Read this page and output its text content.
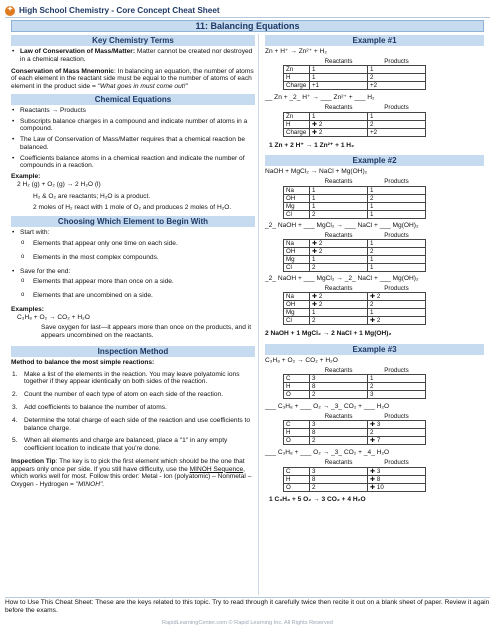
✦ High School Chemistry - Core Concept Cheat Sheet
11: Balancing Equations
Key Chemistry Terms
• Law of Conservation of Mass/Matter: Matter cannot be created nor destroyed in a chemical reaction.
Conservation of Mass Mnemonic: In balancing an equation, the number of atoms of each element in the reactant side must be equal to the number of atoms of each element in the product side = "What goes in must come out!"
Chemical Equations
• Reactants → Products
• Subscripts balance charges in a compound and indicate number of atoms in a compound.
• The Law of Conservation of Mass/Matter requires that a chemical reaction be balanced.
• Coefficients balance atoms in a chemical reaction and indicate the number of compounds in a reaction.
Example:
2 H₂ (g) + O₂ (g) → 2 H₂O (l)
H₂ & O₂ are reactants; H₂O is a product.
2 moles of H₂ react with 1 mole of O₂ and produces 2 moles of H₂O.
Choosing Which Element to Begin With
• Start with:
o Elements that appear only one time on each side.
o Elements in the most complex compounds.
• Save for the end:
o Elements that appear more than once on a side.
o Elements that are uncombined on a side.
Examples:
C₃H₈ + O₂ → CO₂ + H₂O
Save oxygen for last—it appears more than once on the products, and it appears uncombined on the reactants.
Inspection Method
Method to balance the most simple reactions:
1. Make a list of the elements in the reaction. You may leave polyatomic ions together if they appear identically on both sides of the reaction.
2. Count the number of each type of atom on each side of the reaction.
3. Add coefficients to balance the number of atoms.
4. Determine the total charge of each side of the reaction and use coefficients to balance charge.
5. When all elements and charge are balanced, place a "1" in any empty coefficient location to indicate that you're done.
Inspection Tip: The key is to pick the first element which should be the one that appears only once per side. If you still have difficulty, use the MINOH Sequence, which works well for most. Follow this order: Metal - Ion (polyatomic) – Nonmetal – Oxygen - Hydrogen = "MINOH".
Example #1
Zn + H⁺ → Zn²⁺ + H₂
	Reactants	Products
Zn	1	1
H	1	2
Charge	+1	+2
__ Zn + _2_ H⁺ → ___ Zn²⁺ + ___ H₂
	Reactants	Products
Zn	1	1
H	✚ 2	2
Charge	✚ 2	+2
1 Zn + 2 H⁺ → 1 Zn²⁺ + 1 H₂
Example #2
NaOH + MgCl₂ → NaCl + Mg(OH)₂
	Reactants	Products
Na	1	1
OH	1	2
Mg	1	1
Cl	2	1
_2_ NaOH + ___ MgCl₂ → ___ NaCl + ___ Mg(OH)₂
	Reactants	Products
Na	✚ 2	1
OH	✚ 2	2
Mg	1	1
Cl	2	1
_2_ NaOH + ___ MgCl₂ → _2_ NaCl + ___ Mg(OH)₂
	Reactants	Products
Na	✚ 2	✚ 2
OH	✚ 2	2
Mg	1	1
Cl	2	✚ 2
2 NaOH + 1 MgCl₂ → 2 NaCl + 1 Mg(OH)₂
Example #3
C₃H₈ + O₂ → CO₂ + H₂O
	Reactants	Products
C	3	1
H	8	2
O	2	3
___ C₃H₈ + ___ O₂ → _3_ CO₂ + ___ H₂O
	Reactants	Products
C	3	✚ 3
H	8	2
O	2	✚ 7
___ C₃H₈ + ___ O₂ → _3_ CO₂ + _4_ H₂O
	Reactants	Products
C	3	✚ 3
H	8	✚ 8
O	2	✚ 10
1 C₃H₈ + 5 O₂ → 3 CO₂ + 4 H₂O
How to Use This Cheat Sheet: These are the keys related to this topic. Try to read through it carefully twice then recite it out on a blank sheet of paper. Review it again before the exams.
RapidLearningCenter.com © Rapid Learning Inc. All Rights Reserved
